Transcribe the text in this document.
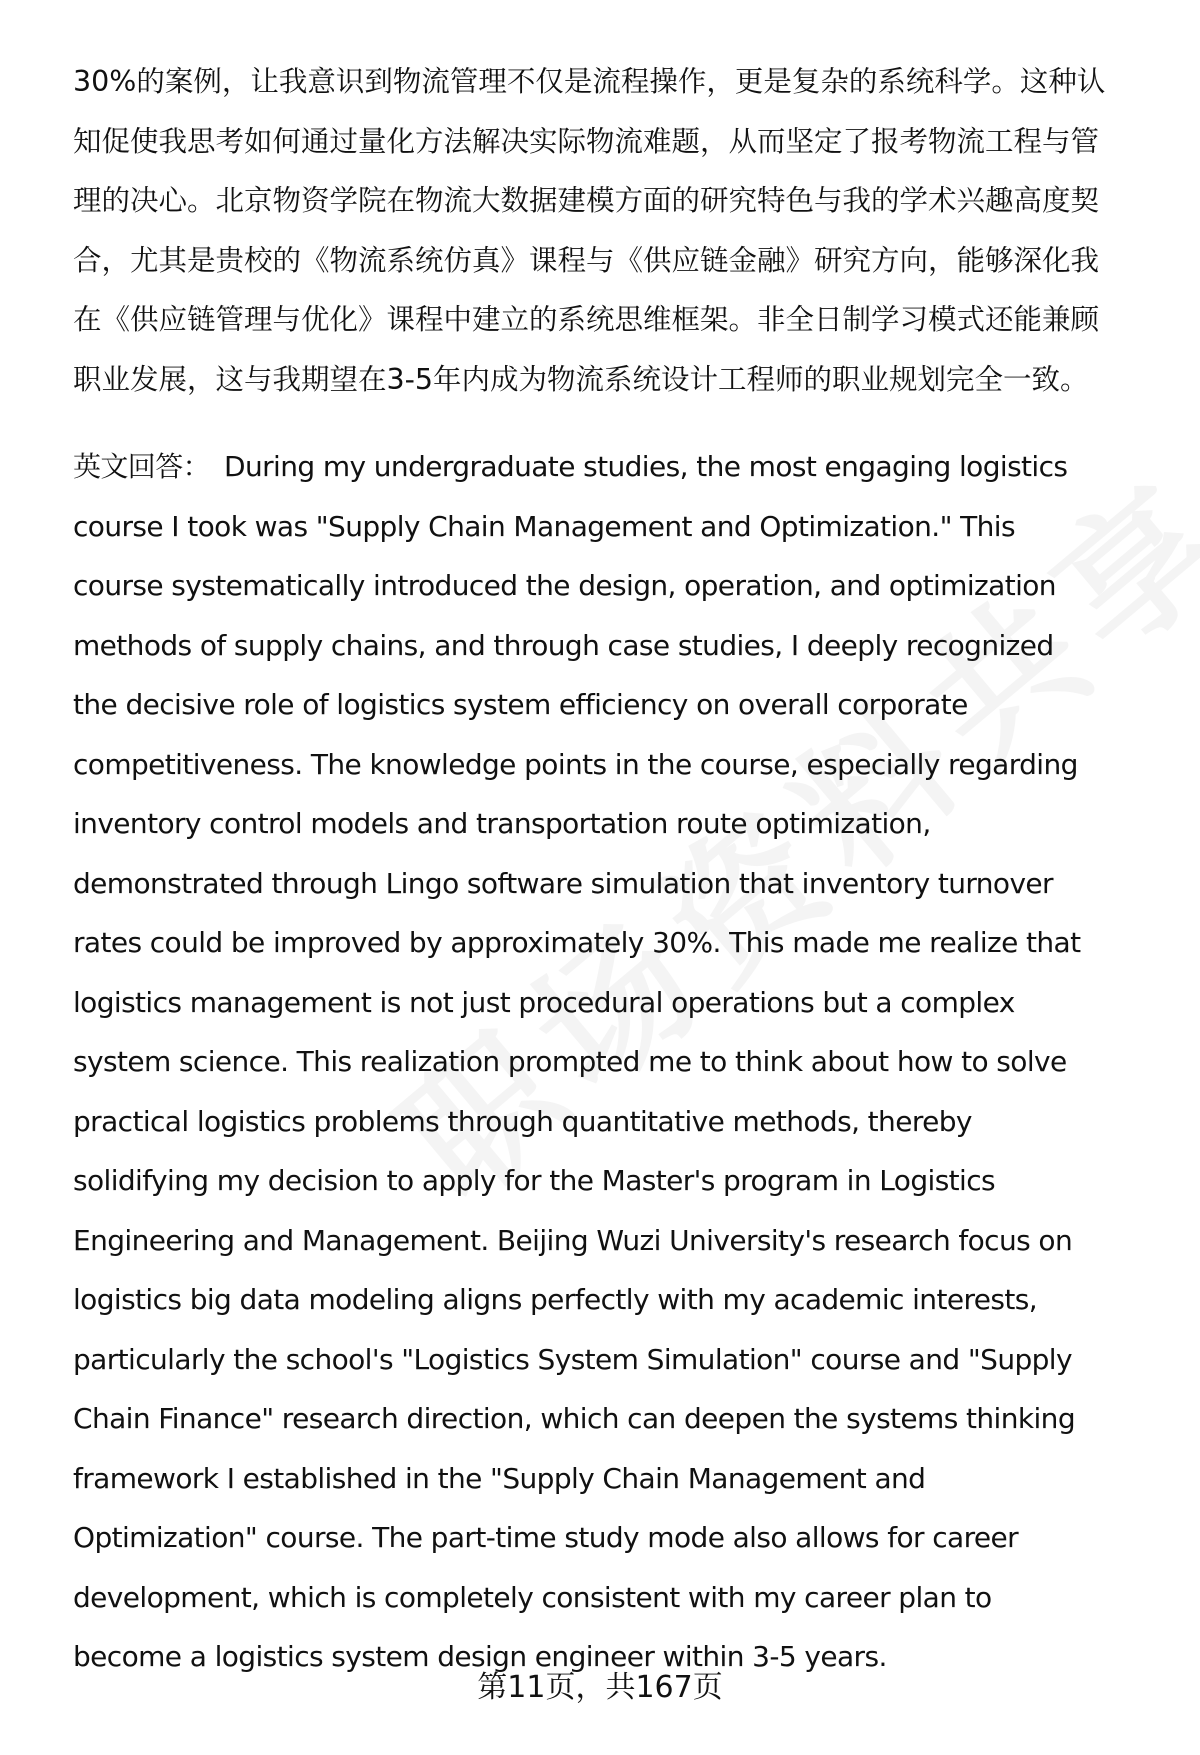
30%的案例，让我意识到物流管理不仅是流程操作，更是复杂的系统科学。这种认
知促使我思考如何通过量化方法解决实际物流难题，从而坚定了报考物流工程与管
理的决心。北京物资学院在物流大数据建模方面的研究特色与我的学术兴趣高度契
合，尤其是贵校的《物流系统仿真》课程与《供应链金融》研究方向，能够深化我
在《供应链管理与优化》课程中建立的系统思维框架。非全日制学习模式还能兼顾
职业发展，这与我期望在3-5年内成为物流系统设计工程师的职业规划完全一致。
英文回答： During my undergraduate studies, the most engaging logistics
course I took was "Supply Chain Management and Optimization." This
course systematically introduced the design, operation, and optimization
methods of supply chains, and through case studies, I deeply recognized
the decisive role of logistics system efficiency on overall corporate
competitiveness. The knowledge points in the course, especially regarding
inventory control models and transportation route optimization,
demonstrated through Lingo software simulation that inventory turnover
rates could be improved by approximately 30%. This made me realize that
logistics management is not just procedural operations but a complex
system science. This realization prompted me to think about how to solve
practical logistics problems through quantitative methods, thereby
solidifying my decision to apply for the Master's program in Logistics
Engineering and Management. Beijing Wuzi University's research focus on
logistics big data modeling aligns perfectly with my academic interests,
particularly the school's "Logistics System Simulation" course and "Supply
Chain Finance" research direction, which can deepen the systems thinking
framework I established in the "Supply Chain Management and
Optimization" course. The part-time study mode also allows for career
development, which is completely consistent with my career plan to
become a logistics system design engineer within 3-5 years.
第11页，共167页
